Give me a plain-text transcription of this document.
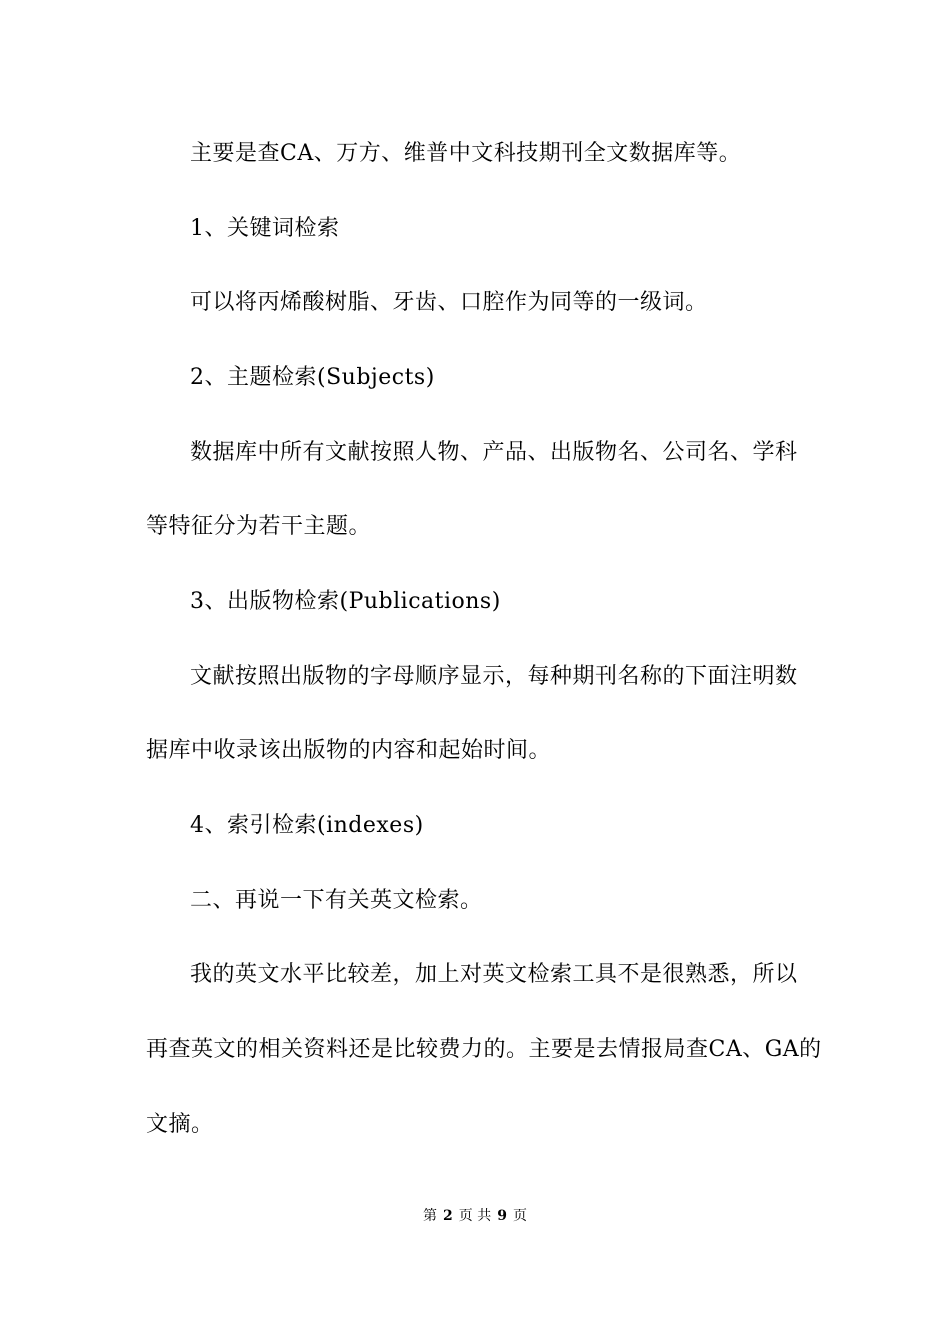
主要是查CA、万方、维普中文科技期刊全文数据库等。
1、关键词检索
可以将丙烯酸树脂、牙齿、口腔作为同等的一级词。
2、主题检索(Subjects)
数据库中所有文献按照人物、产品、出版物名、公司名、学科
等特征分为若干主题。
3、出版物检索(Publications)
文献按照出版物的字母顺序显示，每种期刊名称的下面注明数
据库中收录该出版物的内容和起始时间。
4、索引检索(indexes)
二、再说一下有关英文检索。
我的英文水平比较差，加上对英文检索工具不是很熟悉，所以
再查英文的相关资料还是比较费力的。主要是去情报局查CA、GA的
文摘。
第 2 页 共 9 页
